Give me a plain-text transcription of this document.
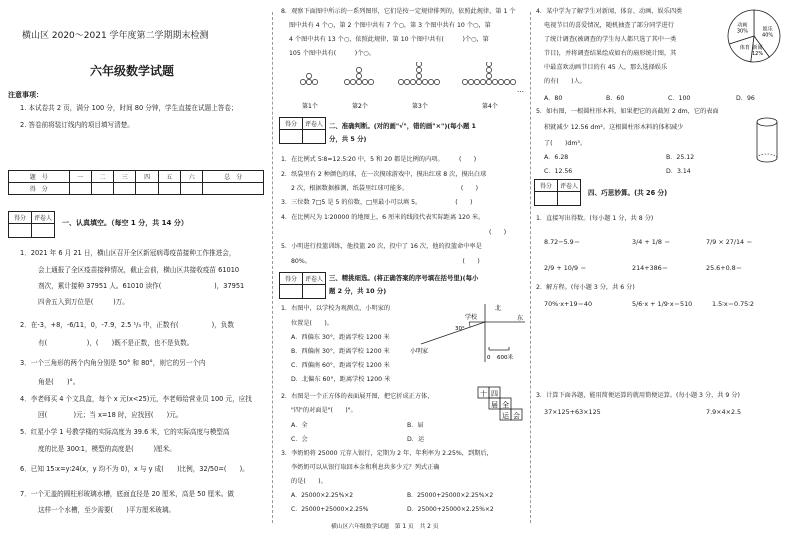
横山区 2020～2021 学年度第二学期期末检测
六年级数学试题
注意事项：
1. 本试卷共 2 页，满分 100 分，时间 80 分钟，学生直接在试题上答卷；
2. 答卷前将装订线内的项目填写清楚。
题　号	一	二	三	四	五	六	总　分
得　分							
得分	评卷人

一、认真填空。（每空 1 分，共 14 分）
1．2021 年 6 月 21 日，横山区召开全区新冠病毒疫苗接种工作推进会，
会上通报了全区疫苗接种情况，截止会前，横山区共接收疫苗 61010
剂次，累计接种 37951 人。61010 读作(　　　　　　　　)，37951
四舍五入到万位是(　　　)万。
2．在-3，+8，-6/11，0，-7.9，2.5 ¹/₃ 中，正数有(　　　　　)，负数
有(　　　　　　)，(　　)既不是正数，也不是负数。
3．一个三角形的两个内角分别是 50° 和 80°，则它的另一个内
角是(　　)°。
4．李老师买 4 个文具盒，每个 x 元(x<25)元，李老师给营业员 100 元，应找
回(　　　　)元；当 x=18 时，应找回(　　)元。
5．红星小学 1 号教学楼的实际高度为 39.6 米，它的实际高度与模型高
度的比是 300∶1，模型的高度是(　　　)厘米。
6．已知 15∶x=y∶24(x，y 均不为 0)，x 与 y 成(　　)比例，32/50=(　　)。
7．一个无盖的圆柱形玻璃水槽，底面直径是 20 厘米，高是 50 厘米。做
这样一个水槽，至少需要(　　)平方厘米玻璃。
8．观察下面图中所示的一系列图形，它们是按一定规律排列的，依照此规律，第 1 个
图中共有 4 个○，第 2 个图中共有 7 个○，第 3 个图中共有 10 个○，第
4 个图中共有 13 个○，依照此规律，第 10 个图中共有(　　　)个○，第
105 个图中共有(　　　)个○。
第1个	第2个	第3个	第4个
…
得分	评卷人
	二、准确判断。(对的画"√"，错的画"×")(每小题 1
分，共 5 分)
1．在比例式 5∶8=12.5∶20 中，5 和 20 都是比例的内项。　　　(　　)
2．纸袋里有 2 种颜色的球，在一次摸球游戏中，摸出红球 8 次，摸出白球
2 次，根据数据推测，纸袋里红球可能多。　　　　　　　　　(　　)
3．三位数 7□5 是 5 的倍数，□里最小可以填 5。　　　　　　(　　)
4．在比例尺为 1∶20000 的地图上，6 厘米的线段代表实际距离 120 米。
(　　)
5．小明进行投篮训练，他投篮 20 次，投中了 16 次，他的投篮命中率是
80%。　　　　　　　　　　　　　　　　　　　　　　　　　(　　)
得分	评卷人
	三、精挑细选。(将正确答案的序号填在括号里)(每小
题 2 分，共 10 分)
1．右图中，以学校为观测点，小明家的
位置是(　　)。
A．西偏东 30°，距离学校 1200 米
B．西偏南 30°，距离学校 1200 米
C．西偏南 60°，距离学校 1200 米
D．北偏东 60°，距离学校 1200 米
北
东
学校
30°
小明家
0 600米
2．右图是一个正方体的表面展开图，把它折成正方体，
"四"的对面是"(　　)"。
十 四
届 全
运 会
A．全	B．届
C．会	D．运
3．李奶奶将 25000 元存入银行，定期为 2 年，年利率为 2.25%，到期后，
李奶奶可以从银行取回本金和利息共多少元？列式正确
的是(　　)。
A．25000×2.25%×2	B．25000+25000×2.25%×2
C．25000+25000×2.25%	D．25000+25000×2.25%×2
横山区六年级数学试题　第 1 页　共 2 页
4．某中学为了解学生对新闻、体育、动画、娱乐四类
电视节目的喜爱情况，随机抽查了部分同学进行
了统计调查(被调查的学生每人都只选了其中一类
节目)，并将调查结果绘成如右的扇形统计图，其
中最喜欢动画节目的有 45 人，那么选择娱乐
的有(　　)人。
娱乐
40%
新闻
12%
体育
动画
30%
A．80	B．60	C．100	D．96
5．如右图，一根圆柱形木料，如果把它的高截短 2 dm，它的表面
积就减少 12.56 dm²。这根圆柱形木料的体积减少
了(　　)dm³。
A．6.28	B．25.12
C．12.56	D．3.14
得分	评卷人

四、巧思妙算。(共 26 分)
1．直接写出得数。(每小题 1 分，共 8 分)
8.72−5.9＝	3/4 + 1/8 ＝	7/9 × 27/14 ＝
2/9 + 10/9 ＝	214+386＝	25.6+0.8＝
2．解方程。(每小题 3 分，共 6 分)
70%·x+19＝40	5/6·x + 1/9·x＝510	1.5∶x＝0.75∶2
3．计算下面各题，能用简便运算的就用简便运算。(每小题 3 分，共 9 分)
37×125+63×125	7.9×4×2.5
